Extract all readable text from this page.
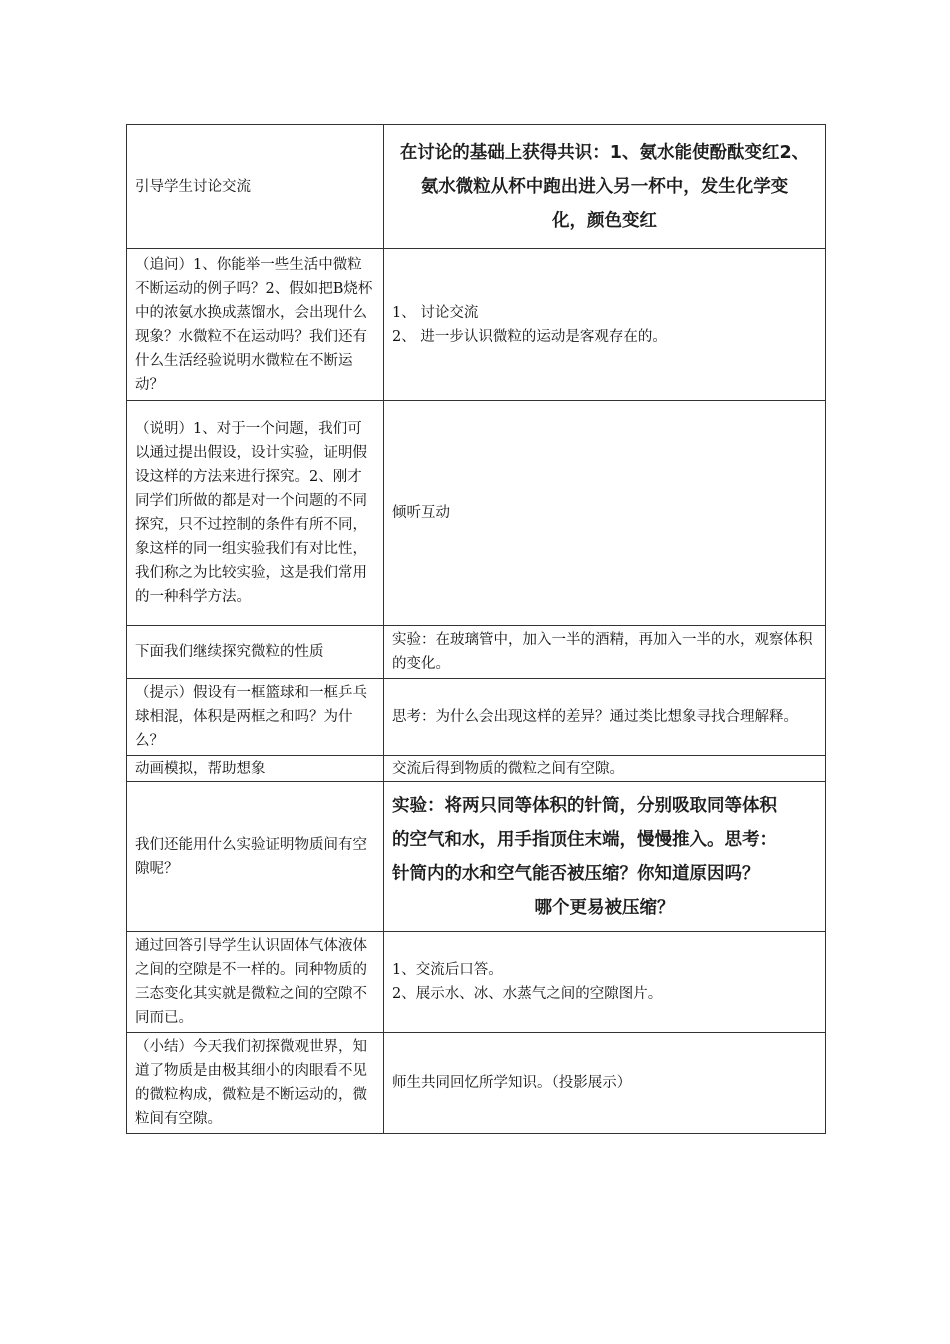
引导学生讨论交流	在讨论的基础上获得共识：1、氨水能使酚酞变红2、
氨水微粒从杯中跑出进入另一杯中，发生化学变
化，颜色变红

（追问）1、你能举一些生活中微粒不断运动的例子吗？2、假如把B烧杯中的浓氨水换成蒸馏水，会出现什么现象？水微粒不在运动吗？我们还有什么生活经验说明水微粒在不断运动？	1、 讨论交流
2、 进一步认识微粒的运动是客观存在的。

（说明）1、对于一个问题，我们可以通过提出假设，设计实验，证明假设这样的方法来进行探究。2、刚才同学们所做的都是对一个问题的不同探究，只不过控制的条件有所不同，象这样的同一组实验我们有对比性，我们称之为比较实验，这是我们常用的一种科学方法。	倾听互动
下面我们继续探究微粒的性质	实验：在玻璃管中，加入一半的酒精，再加入一半的水，观察体积的变化。
（提示）假设有一框篮球和一框乒乓球相混，体积是两框之和吗？为什么？	思考：为什么会出现这样的差异？通过类比想象寻找合理解释。
动画模拟，帮助想象	交流后得到物质的微粒之间有空隙。
我们还能用什么实验证明物质间有空隙呢？	实验：将两只同等体积的针筒，分别吸取同等体积
的空气和水，用手指顶住末端，慢慢推入。思考：
针筒内的水和空气能否被压缩？你知道原因吗？
哪个更易被压缩？

通过回答引导学生认识固体气体液体之间的空隙是不一样的。同种物质的三态变化其实就是微粒之间的空隙不同而已。	1、交流后口答。
2、展示水、冰、水蒸气之间的空隙图片。

（小结）今天我们初探微观世界，知道了物质是由极其细小的肉眼看不见的微粒构成，微粒是不断运动的，微粒间有空隙。	师生共同回忆所学知识。（投影展示）
